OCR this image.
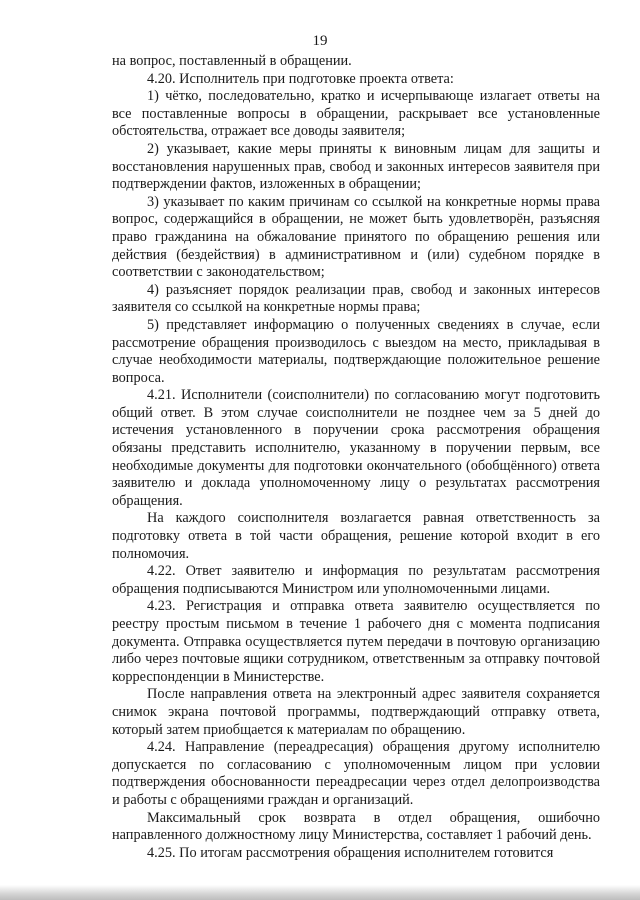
19

на вопрос, поставленный в обращении.

4.20. Исполнитель при подготовке проекта ответа:

1) чётко, последовательно, кратко и исчерпывающе излагает ответы на все поставленные вопросы в обращении, раскрывает все установленные обстоятельства, отражает все доводы заявителя;

2) указывает, какие меры приняты к виновным лицам для защиты и восстановления нарушенных прав, свобод и законных интересов заявителя при подтверждении фактов, изложенных в обращении;

3) указывает по каким причинам со ссылкой на конкретные нормы права вопрос, содержащийся в обращении, не может быть удовлетворён, разъясняя право гражданина на обжалование принятого по обращению решения или действия (бездействия) в административном и (или) судебном порядке в соответствии с законодательством;

4) разъясняет порядок реализации прав, свобод и законных интересов заявителя со ссылкой на конкретные нормы права;

5) представляет информацию о полученных сведениях в случае, если рассмотрение обращения производилось с выездом на место, прикладывая в случае необходимости материалы, подтверждающие положительное решение вопроса.

4.21. Исполнители (соисполнители) по согласованию могут подготовить общий ответ. В этом случае соисполнители не позднее чем за 5 дней до истечения установленного в поручении срока рассмотрения обращения обязаны представить исполнителю, указанному в поручении первым, все необходимые документы для подготовки окончательного (обобщённого) ответа заявителю и доклада уполномоченному лицу о результатах рассмотрения обращения.

На каждого соисполнителя возлагается равная ответственность за подготовку ответа в той части обращения, решение которой входит в его полномочия.

4.22. Ответ заявителю и информация по результатам рассмотрения обращения подписываются Министром или уполномоченными лицами.

4.23. Регистрация и отправка ответа заявителю осуществляется по реестру простым письмом в течение 1 рабочего дня с момента подписания документа. Отправка осуществляется путем передачи в почтовую организацию либо через почтовые ящики сотрудником, ответственным за отправку почтовой корреспонденции в Министерстве.

После направления ответа на электронный адрес заявителя сохраняется снимок экрана почтовой программы, подтверждающий отправку ответа, который затем приобщается к материалам по обращению.

4.24. Направление (переадресация) обращения другому исполнителю допускается по согласованию с уполномоченным лицом при условии подтверждения обоснованности переадресации через отдел делопроизводства и работы с обращениями граждан и организаций.

Максимальный срок возврата в отдел обращения, ошибочно направленного должностному лицу Министерства, составляет 1 рабочий день.

4.25. По итогам рассмотрения обращения исполнителем готовится
